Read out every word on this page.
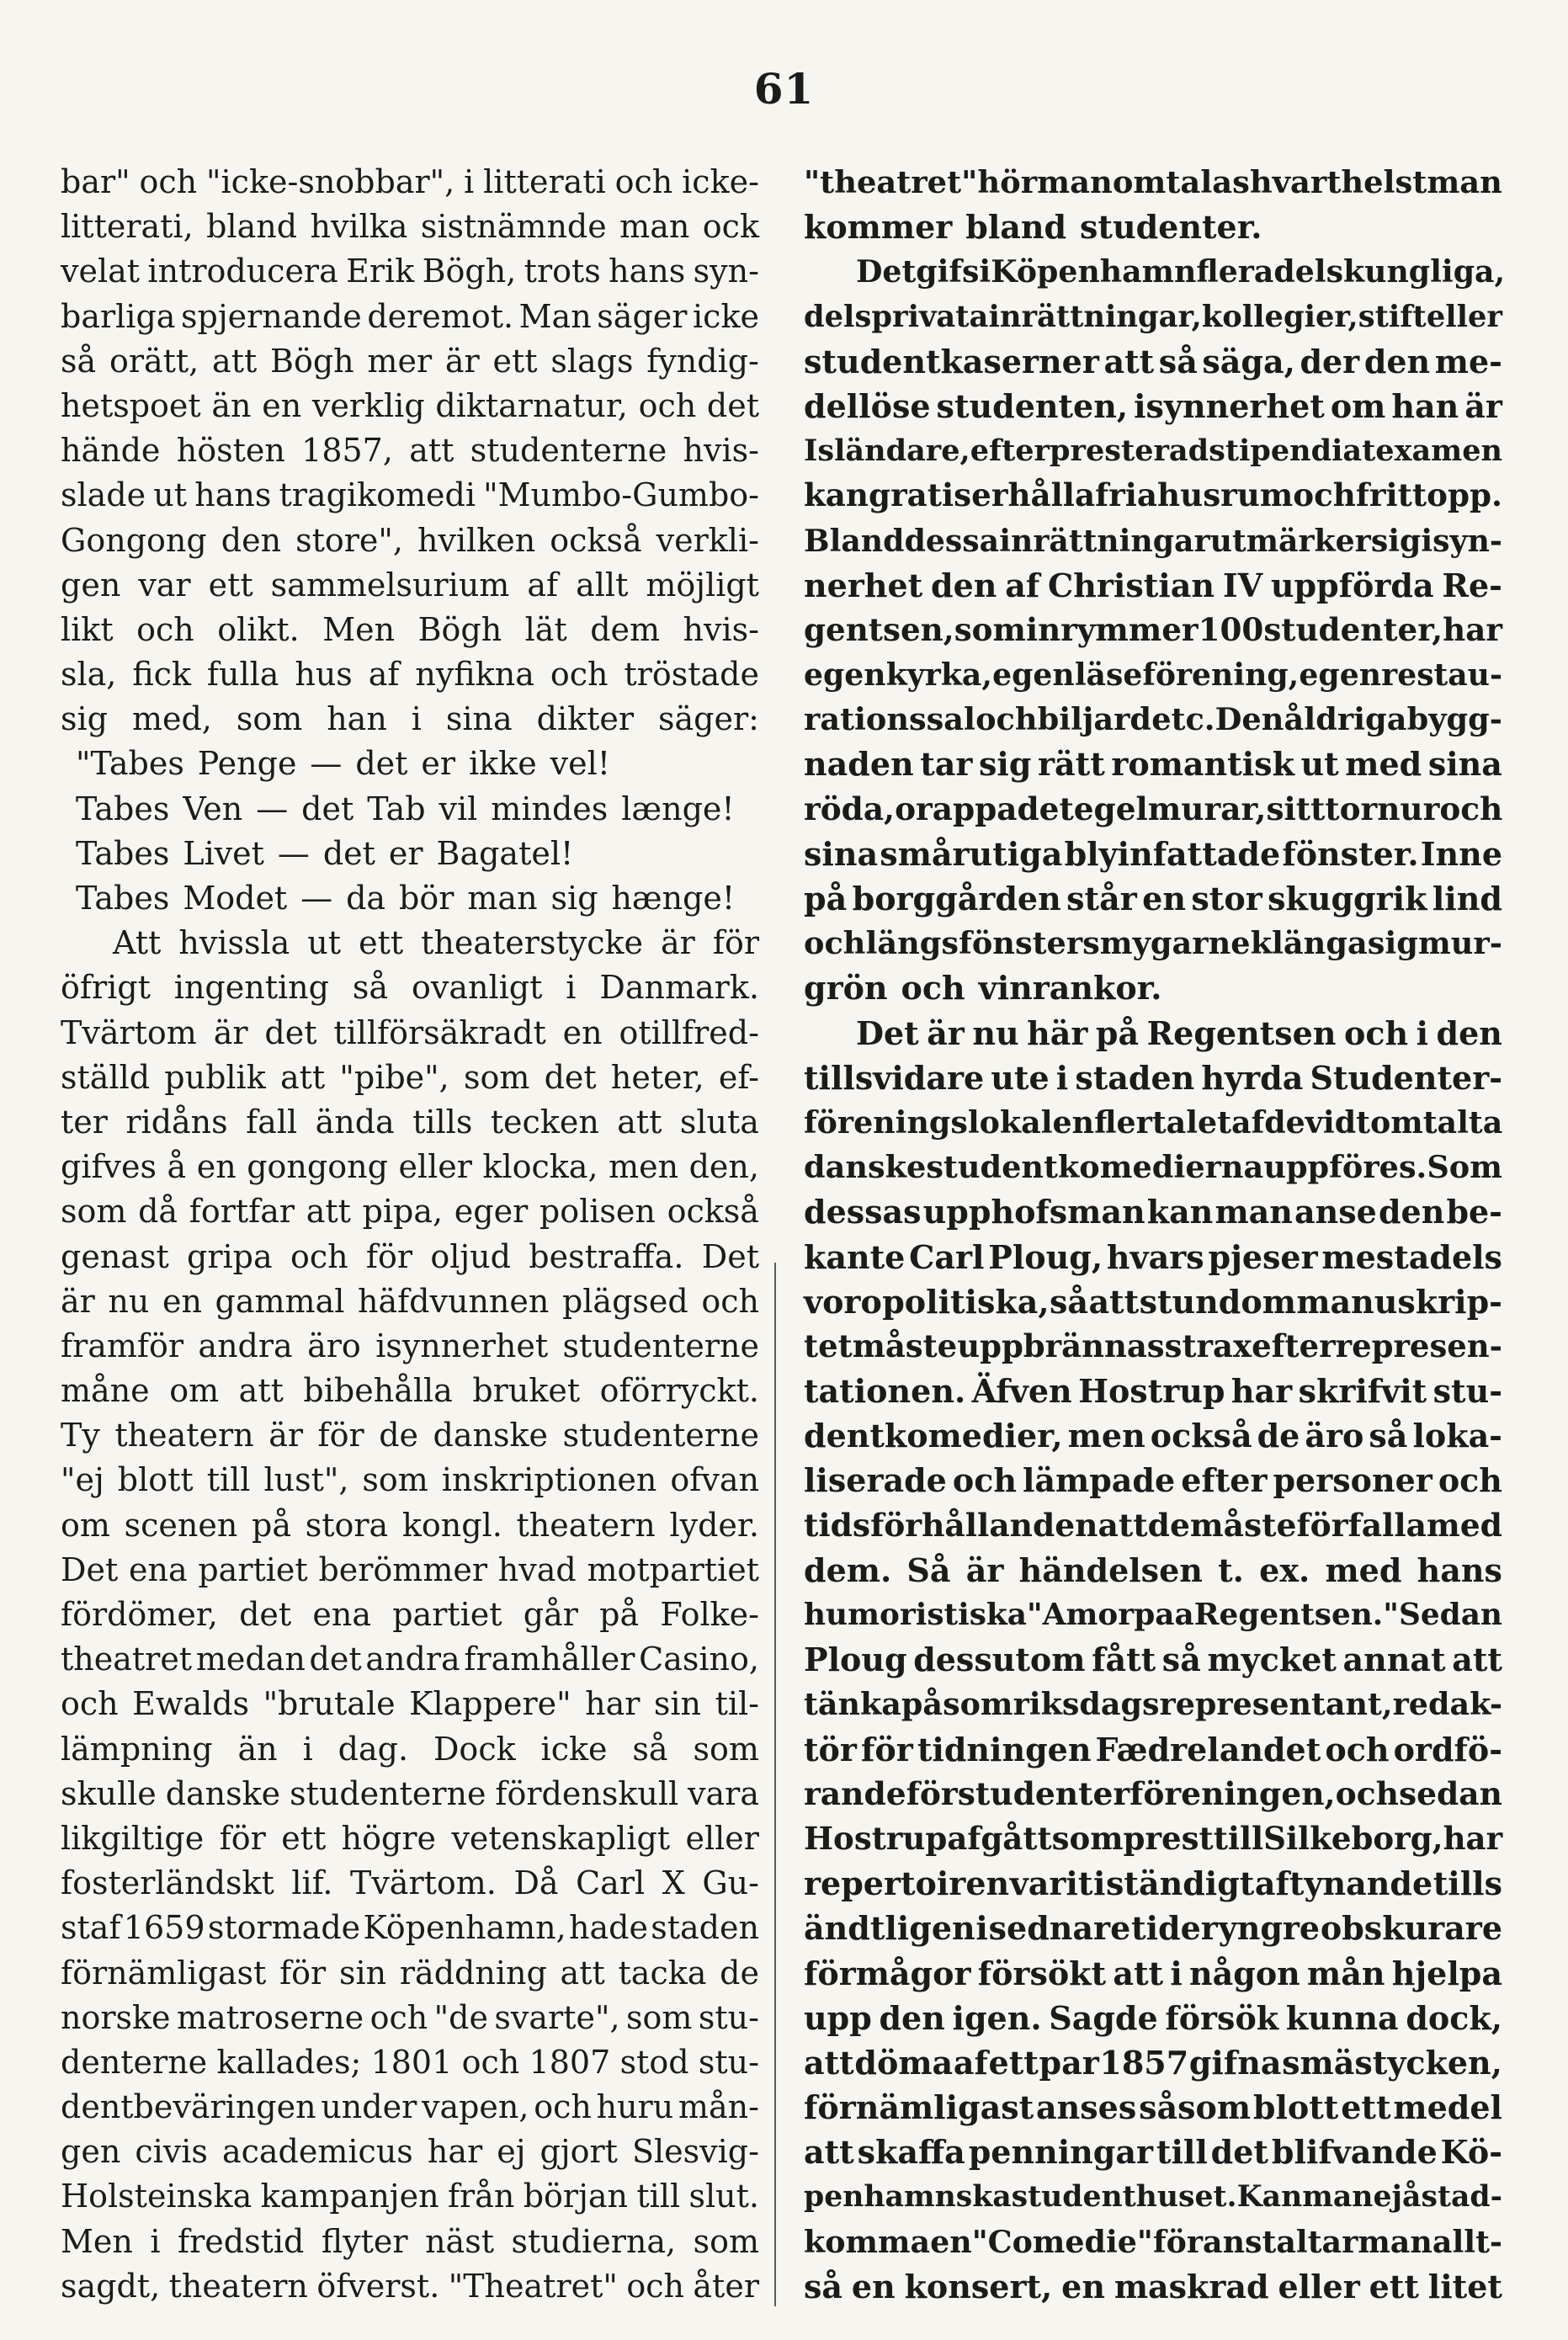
61
bar" och "icke-snobbar", i litterati och icke-
litterati, bland hvilka sistnämnde man ock
velat introducera Erik Bögh, trots hans syn-
barliga spjernande deremot. Man säger icke
så orätt, att Bögh mer är ett slags fyndig-
hetspoet än en verklig diktarnatur, och det
hände hösten 1857, att studenterne hvis-
slade ut hans tragikomedi "Mumbo-Gumbo-
Gongong den store", hvilken också verkli-
gen var ett sammelsurium af allt möjligt
likt och olikt. Men Bögh lät dem hvis-
sla, fick fulla hus af nyfikna och tröstade
sig med, som han i sina dikter säger:
"Tabes Penge — det er ikke vel!
Tabes Ven — det Tab vil mindes længe!
Tabes Livet — det er Bagatel!
Tabes Modet — da bör man sig hænge!
Att hvissla ut ett theaterstycke är för
öfrigt ingenting så ovanligt i Danmark.
Tvärtom är det tillförsäkradt en otillfred-
ställd publik att "pibe", som det heter, ef-
ter ridåns fall ända tills tecken att sluta
gifves å en gongong eller klocka, men den,
som då fortfar att pipa, eger polisen också
genast gripa och för oljud bestraffa. Det
är nu en gammal häfdvunnen plägsed och
framför andra äro isynnerhet studenterne
måne om att bibehålla bruket oförryckt.
Ty theatern är för de danske studenterne
"ej blott till lust", som inskriptionen ofvan
om scenen på stora kongl. theatern lyder.
Det ena partiet berömmer hvad motpartiet
fördömer, det ena partiet går på Folke-
theatret medan det andra framhåller Casino,
och Ewalds "brutale Klappere" har sin til-
lämpning än i dag. Dock icke så som
skulle danske studenterne fördenskull vara
likgiltige för ett högre vetenskapligt eller
fosterländskt lif. Tvärtom. Då Carl X Gu-
staf 1659 stormade Köpenhamn, hade staden
förnämligast för sin räddning att tacka de
norske matroserne och "de svarte", som stu-
denterne kallades; 1801 och 1807 stod stu-
dentbeväringen under vapen, och huru mån-
gen civis academicus har ej gjort Slesvig-
Holsteinska kampanjen från början till slut.
Men i fredstid flyter näst studierna, som
sagdt, theatern öfverst. "Theatret" och åter
"theatret" hör man omtalas hvarthelst man
kommer bland studenter.
Det gifs i Köpenhamn flera dels kungliga,
dels privata inrättningar, kollegier, stift eller
studentkaserner att så säga, der den me-
dellöse studenten, isynnerhet om han är
Isländare, efter presterad stipendiatexamen
kan gratis erhålla fria husrum och fritt opp.
Bland dessa inrättningar utmärker sig isyn-
nerhet den af Christian IV uppförda Re-
gentsen, som inrymmer 100 studenter, har
egen kyrka, egen läseförening, egen restau-
rationssal och biljard etc. Den åldriga bygg-
naden tar sig rätt romantisk ut med sina
röda, orappade tegelmurar, sitt tornur och
sina smårutiga blyinfattade fönster. Inne
på borggården står en stor skuggrik lind
och längs fönstersmygarne klänga sig mur-
grön och vinrankor.
Det är nu här på Regentsen och i den
tillsvidare ute i staden hyrda Studenter-
föreningslokalen flertalet af de vidtomtalta
danske studentkomedierna uppföres. Som
dessas upphofsman kan man anse den be-
kante Carl Ploug, hvars pjeser mestadels
voro politiska, så att stundom manuskrip-
tet måste uppbrännas strax efter represen-
tationen. Äfven Hostrup har skrifvit stu-
dentkomedier, men också de äro så loka-
liserade och lämpade efter personer och
tidsförhållanden att de måste förfalla med
dem. Så är händelsen t. ex. med hans
humoristiska "Amor paa Regentsen." Sedan
Ploug dessutom fått så mycket annat att
tänka på som riksdagsrepresentant, redak-
tör för tidningen Fædrelandet och ordfö-
rande för studenterföreningen, och sedan
Hostrup afgått som prest till Silkeborg, har
repertoiren varit i ständigt aftynande tills
ändtligen i sednare tider yngre obskurare
förmågor försökt att i någon mån hjelpa
upp den igen. Sagde försök kunna dock,
att döma af ett par 1857 gifna smästycken,
förnämligast anses såsom blott ett medel
att skaffa penningar till det blifvande Kö-
penhamnska studenthuset. Kan man ej åstad-
komma en "Comedie" föranstaltar man allt-
så en konsert, en maskrad eller ett litet
